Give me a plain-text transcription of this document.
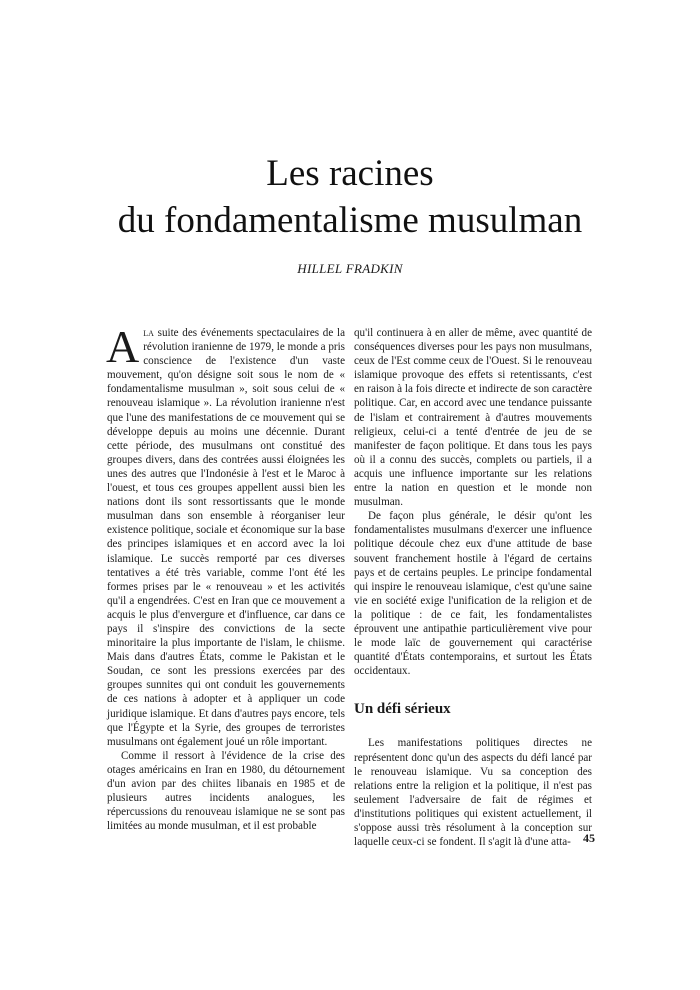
Les racines
du fondamentalisme musulman
HILLEL FRADKIN

Ala suite des événements spectaculaires de la révolution iranienne de 1979, le monde a pris conscience de l'existence d'un vaste mouvement, qu'on désigne soit sous le nom de « fondamentalisme musulman », soit sous celui de « renouveau islamique ». La révolution iranienne n'est que l'une des manifestations de ce mouvement qui se développe depuis au moins une décennie. Durant cette période, des musulmans ont constitué des groupes divers, dans des contrées aussi éloignées les unes des autres que l'Indonésie à l'est et le Maroc à l'ouest, et tous ces groupes appellent aussi bien les nations dont ils sont ressortissants que le monde musulman dans son ensemble à réorganiser leur existence politique, sociale et économique sur la base des principes islamiques et en accord avec la loi islamique. Le succès remporté par ces diverses tentatives a été très variable, comme l'ont été les formes prises par le « renouveau » et les activités qu'il a engendrées. C'est en Iran que ce mouvement a acquis le plus d'envergure et d'influence, car dans ce pays il s'inspire des convictions de la secte minoritaire la plus importante de l'islam, le chiisme. Mais dans d'autres États, comme le Pakistan et le Soudan, ce sont les pressions exercées par des groupes sunnites qui ont conduit les gouvernements de ces nations à adopter et à appliquer un code juridique islamique. Et dans d'autres pays encore, tels que l'Égypte et la Syrie, des groupes de terroristes musulmans ont également joué un rôle important.

Comme il ressort à l'évidence de la crise des otages américains en Iran en 1980, du détournement d'un avion par des chiites libanais en 1985 et de plusieurs autres incidents analogues, les répercussions du renouveau islamique ne se sont pas limitées au monde musulman, et il est probable

qu'il continuera à en aller de même, avec quantité de conséquences diverses pour les pays non musulmans, ceux de l'Est comme ceux de l'Ouest. Si le renouveau islamique provoque des effets si retentissants, c'est en raison à la fois directe et indirecte de son caractère politique. Car, en accord avec une tendance puissante de l'islam et contrairement à d'autres mouvements religieux, celui-ci a tenté d'entrée de jeu de se manifester de façon politique. Et dans tous les pays où il a connu des succès, complets ou partiels, il a acquis une influence importante sur les relations entre la nation en question et le monde non musulman.

De façon plus générale, le désir qu'ont les fondamentalistes musulmans d'exercer une influence politique découle chez eux d'une attitude de base souvent franchement hostile à l'égard de certains pays et de certains peuples. Le principe fondamental qui inspire le renouveau islamique, c'est qu'une saine vie en société exige l'unification de la religion et de la politique : de ce fait, les fondamentalistes éprouvent une antipathie particulièrement vive pour le mode laïc de gouvernement qui caractérise quantité d'États contemporains, et surtout les États occidentaux.

Un défi sérieux

Les manifestations politiques directes ne représentent donc qu'un des aspects du défi lancé par le renouveau islamique. Vu sa conception des relations entre la religion et la politique, il n'est pas seulement l'adversaire de fait de régimes et d'institutions politiques qui existent actuellement, il s'oppose aussi très résolument à la conception sur laquelle ceux-ci se fondent. Il s'agit là d'une atta-	45
